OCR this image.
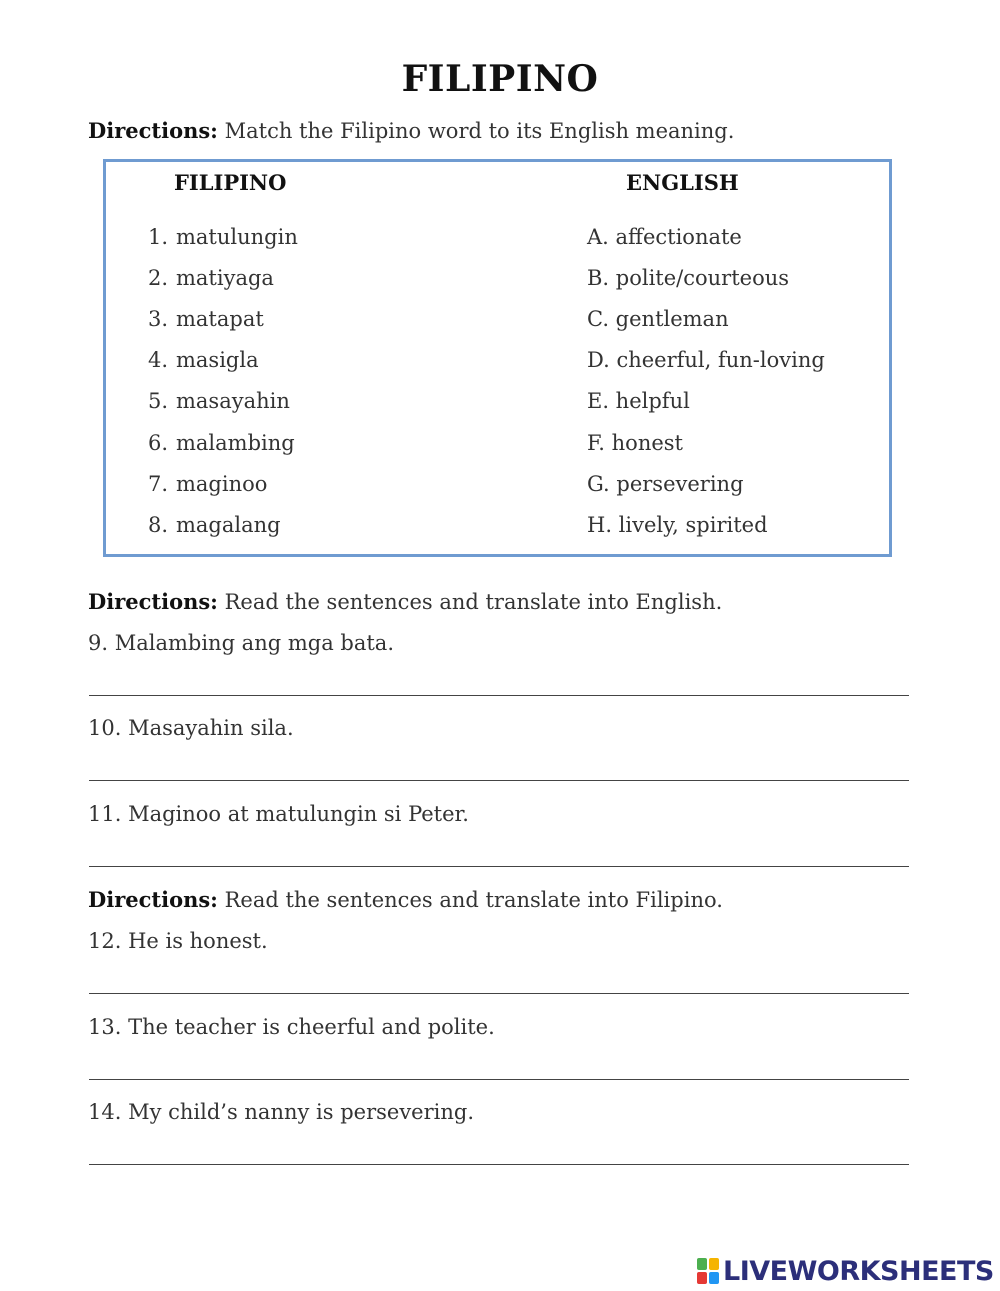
FILIPINO
Directions: Match the Filipino word to its English meaning.
FILIPINO	ENGLISH
1. matulungin
2. matiyaga
3. matapat
4. masigla
5. masayahin
6. malambing
7. maginoo
8. magalang
A. affectionate
B. polite/courteous
C. gentleman
D. cheerful, fun-loving
E. helpful
F. honest
G. persevering
H. lively, spirited
Directions: Read the sentences and translate into English.
9. Malambing ang mga bata.
10. Masayahin sila.
11. Maginoo at matulungin si Peter.
Directions: Read the sentences and translate into Filipino.
12. He is honest.
13. The teacher is cheerful and polite.
14. My child’s nanny is persevering.
LIVEWORKSHEETS
